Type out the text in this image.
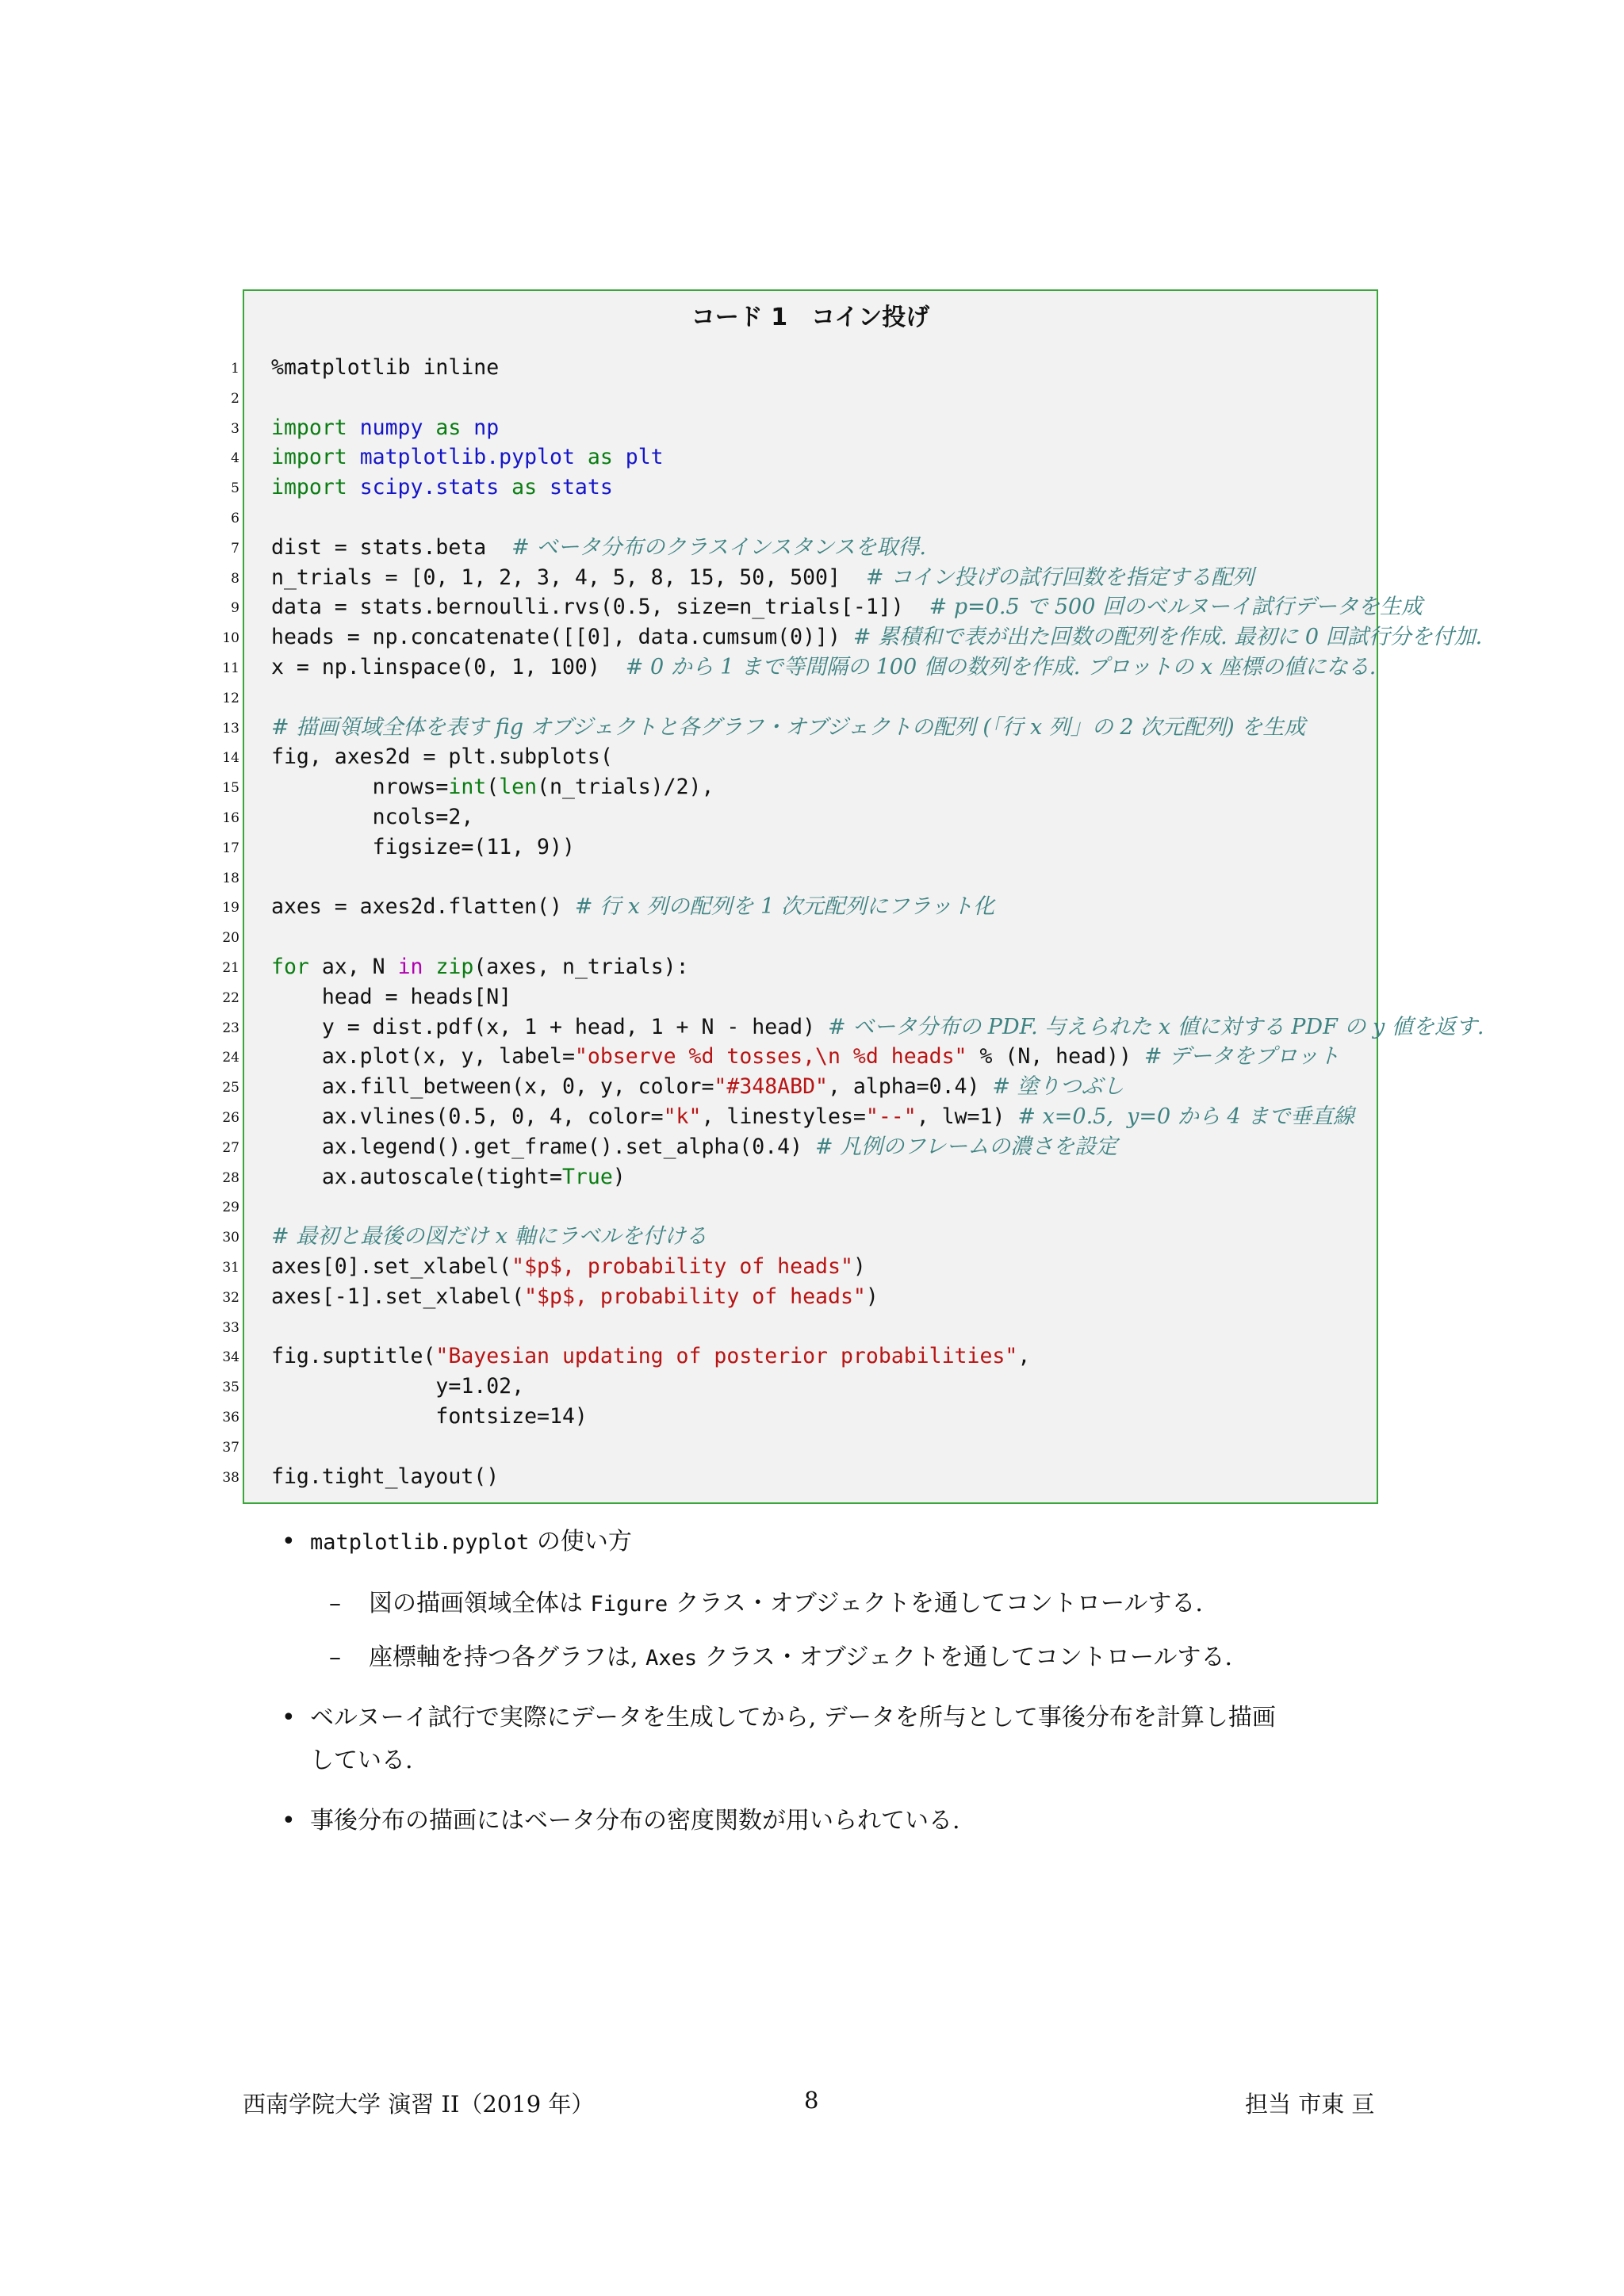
コード 1　コイン投げ
1 %matplotlib inline
2
3 import numpy as np
4 import matplotlib.pyplot as plt
5 import scipy.stats as stats
6
7 dist = stats.beta  # ベータ分布のクラスインスタンスを取得.
8 n_trials = [0, 1, 2, 3, 4, 5, 8, 15, 50, 500]  # コイン投げの試行回数を指定する配列
9 data = stats.bernoulli.rvs(0.5, size=n_trials[-1])  # p=0.5 で 500 回のベルヌーイ試行データを生成
10 heads = np.concatenate([[0], data.cumsum(0)]) # 累積和で表が出た回数の配列を作成. 最初に 0 回試行分を付加.
11 x = np.linspace(0, 1, 100)  # 0 から 1 まで等間隔の 100 個の数列を作成. プロットの x 座標の値になる.
12
13 # 描画領域全体を表す fig オブジェクトと各グラフ・オブジェクトの配列 (「行 x 列」の 2 次元配列) を生成
14 fig, axes2d = plt.subplots(
15 nrows=int(len(n_trials)/2),
16 ncols=2,
17 figsize=(11, 9))
18
19 axes = axes2d.flatten() # 行 x 列の配列を 1 次元配列にフラット化
20
21 for ax, N in zip(axes, n_trials):
22 head = heads[N]
23 y = dist.pdf(x, 1 + head, 1 + N - head) # ベータ分布の PDF. 与えられた x 値に対する PDF の y 値を返す.
24 ax.plot(x, y, label="observe %d tosses,\n %d heads" % (N, head)) # データをプロット
25 ax.fill_between(x, 0, y, color="#348ABD", alpha=0.4) # 塗りつぶし
26 ax.vlines(0.5, 0, 4, color="k", linestyles="--", lw=1) # x=0.5,  y=0 から 4 まで垂直線
27 ax.legend().get_frame().set_alpha(0.4) # 凡例のフレームの濃さを設定
28 ax.autoscale(tight=True)
29
30 # 最初と最後の図だけ x 軸にラベルを付ける
31 axes[0].set_xlabel("$p$, probability of heads")
32 axes[-1].set_xlabel("$p$, probability of heads")
33
34 fig.suptitle("Bayesian updating of posterior probabilities",
35 y=1.02,
36 fontsize=14)
37
38 fig.tight_layout()
• matplotlib.pyplot の使い方
– 図の描画領域全体は Figure クラス・オブジェクトを通してコントロールする.
– 座標軸を持つ各グラフは, Axes クラス・オブジェクトを通してコントロールする.
• ベルヌーイ試行で実際にデータを生成してから, データを所与として事後分布を計算し描画
している.
• 事後分布の描画にはベータ分布の密度関数が用いられている.
西南学院大学 演習 II（2019 年）	8	担当 市東 亘
